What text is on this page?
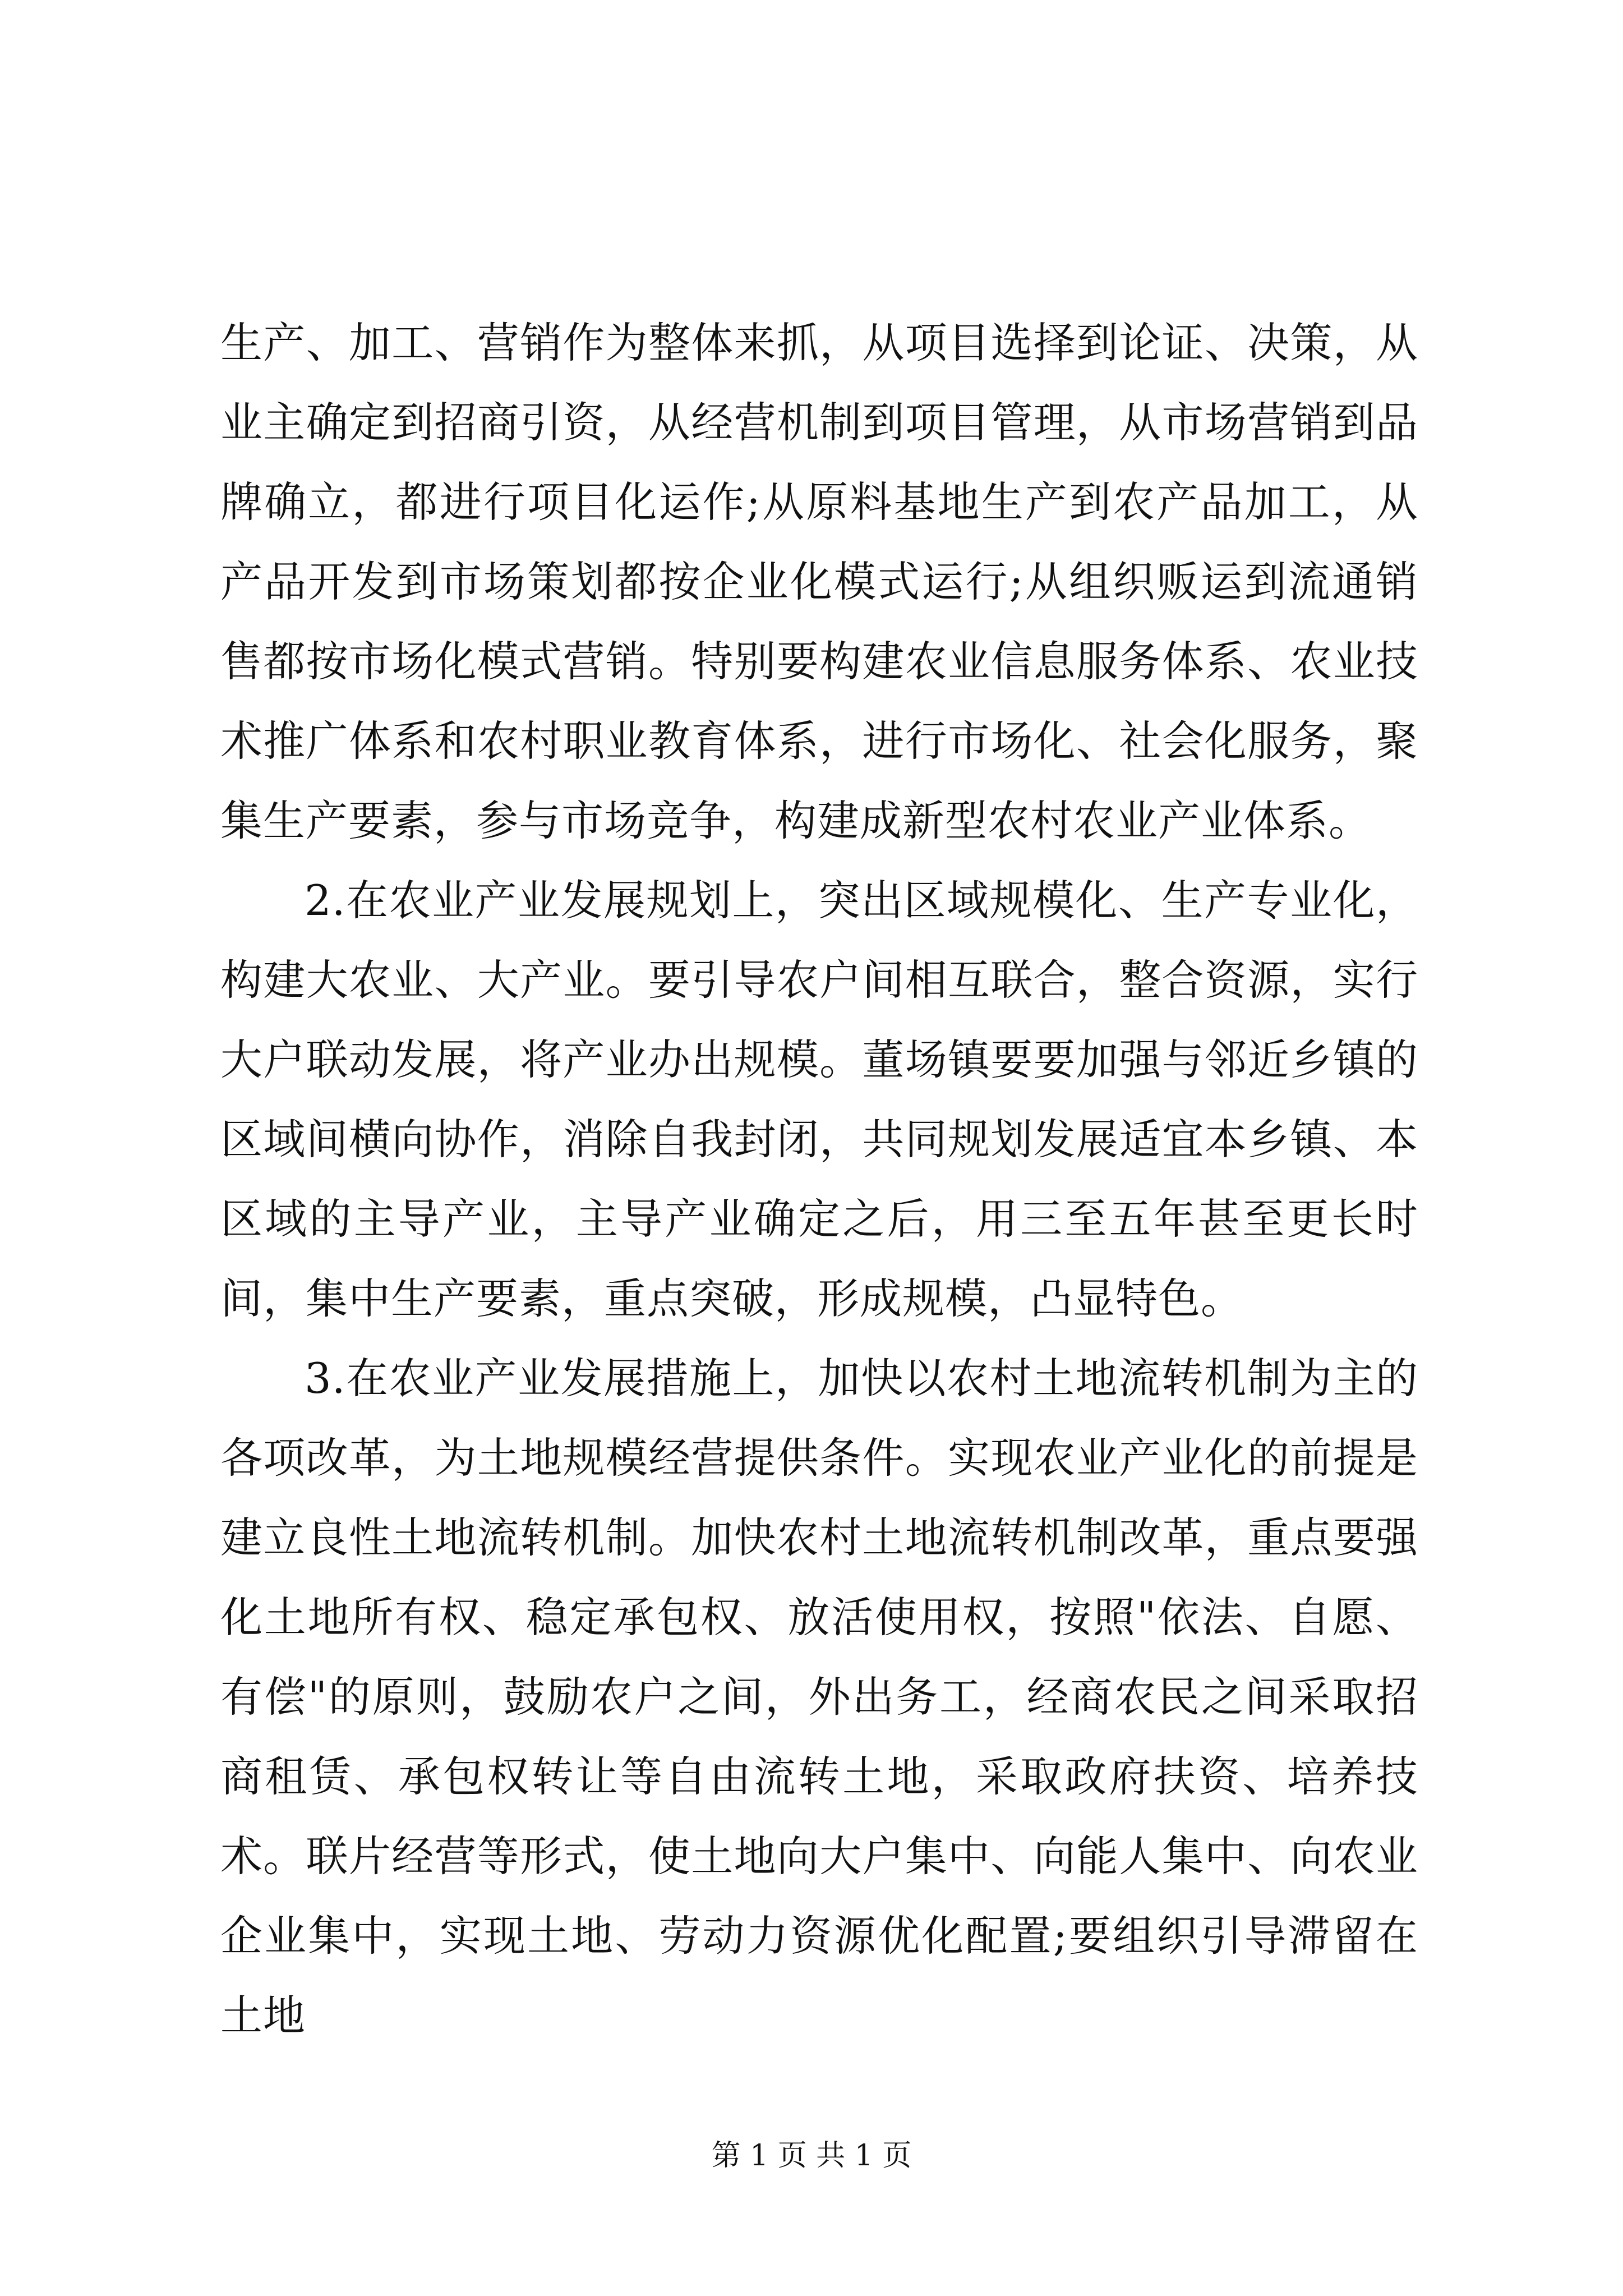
生产、加工、营销作为整体来抓，从项目选择到论证、决策，从业主确定到招商引资，从经营机制到项目管理，从市场营销到品牌确立，都进行项目化运作;从原料基地生产到农产品加工，从产品开发到市场策划都按企业化模式运行;从组织贩运到流通销售都按市场化模式营销。特别要构建农业信息服务体系、农业技术推广体系和农村职业教育体系，进行市场化、社会化服务，聚集生产要素，参与市场竞争，构建成新型农村农业产业体系。

2.在农业产业发展规划上，突出区域规模化、生产专业化，构建大农业、大产业。要引导农户间相互联合，整合资源，实行大户联动发展，将产业办出规模。董场镇要要加强与邻近乡镇的区域间横向协作，消除自我封闭，共同规划发展适宜本乡镇、本区域的主导产业，主导产业确定之后，用三至五年甚至更长时间，集中生产要素，重点突破，形成规模，凸显特色。

3.在农业产业发展措施上，加快以农村土地流转机制为主的各项改革，为土地规模经营提供条件。实现农业产业化的前提是建立良性土地流转机制。加快农村土地流转机制改革，重点要强化土地所有权、稳定承包权、放活使用权，按照"依法、自愿、有偿"的原则，鼓励农户之间，外出务工，经商农民之间采取招商租赁、承包权转让等自由流转土地，采取政府扶资、培养技术。联片经营等形式，使土地向大户集中、向能人集中、向农业企业集中，实现土地、劳动力资源优化配置;要组织引导滞留在土地

第 1 页 共 1 页
